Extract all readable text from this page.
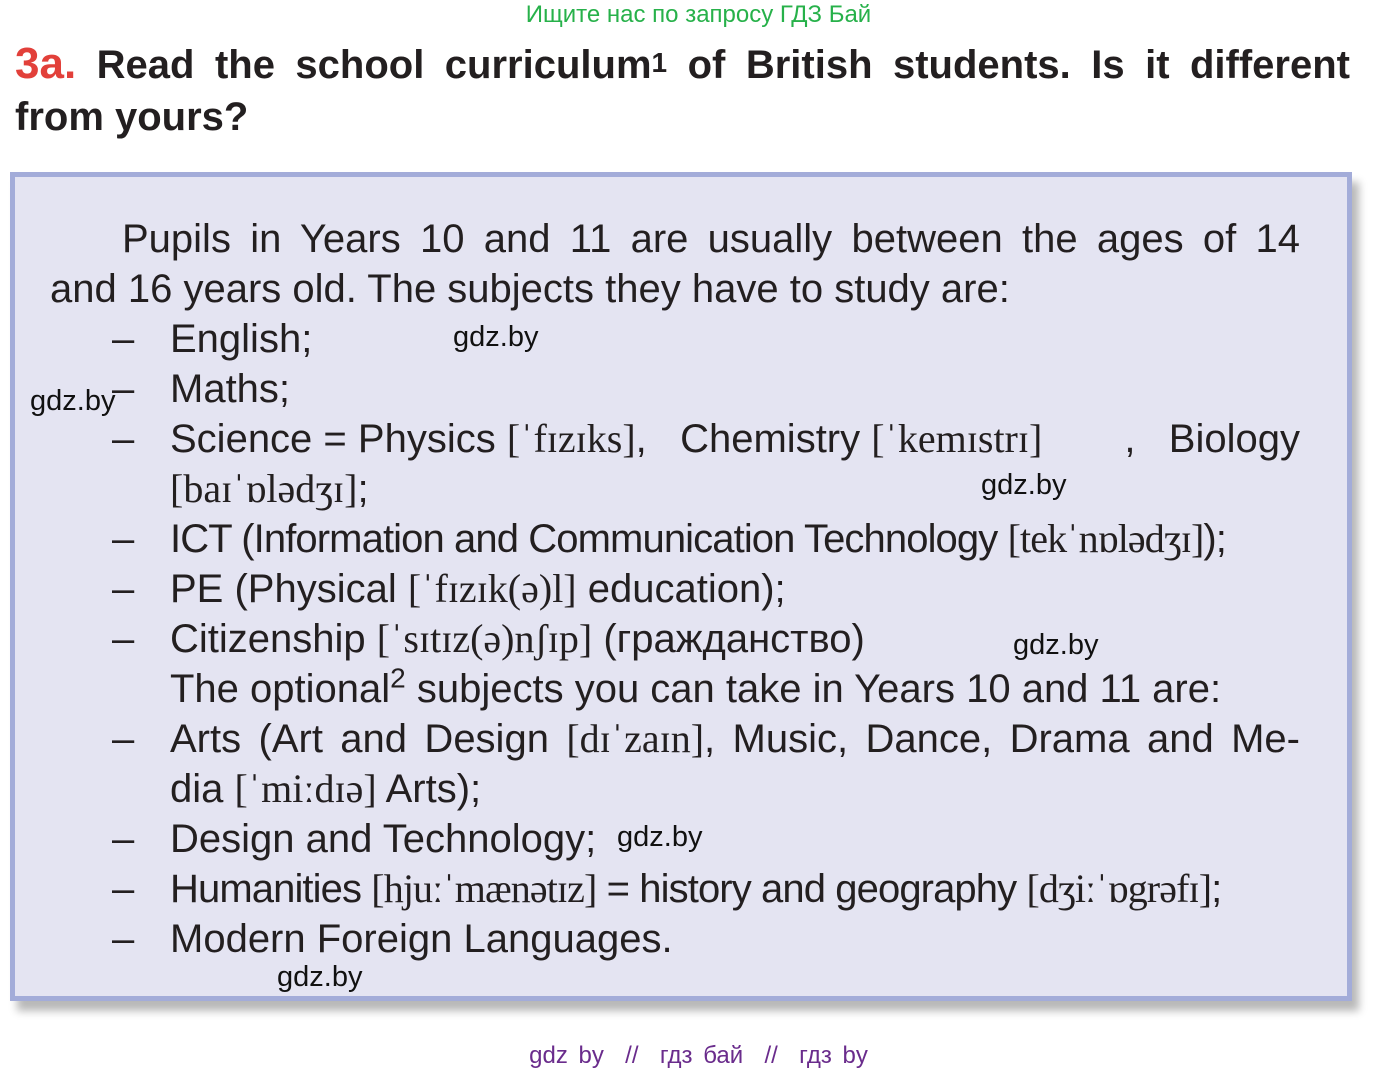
Ищите нас по запросу ГДЗ Бай
3a. Read the school curriculum$^1$ of British students. Is it different from yours?
Pupils in Years 10 and 11 are usually between the ages of 14
and 16 years old. The subjects they have to study are:
– English;
– Maths;
– Science = Physics [ˈfɪzɪks],   Chemistry [ˈkemɪstrɪ] ,   Biology
[baɪˈɒlədʒɪ];
– ICT (Information and Communication Technology [tekˈnɒlədʒɪ]);
– PE (Physical [ˈfɪzɪk(ə)l] education);
– Citizenship [ˈsɪtɪz(ə)nʃɪp] (гражданство)
The optional$^2$ subjects you can take in Years 10 and 11 are:
– Arts (Art and Design [dɪˈzaɪn], Music, Dance, Drama and Me-
dia [ˈmiːdɪə] Arts);
– Design and Technology;
– Humanities [hjuːˈmænətɪz] = history and geography [dʒiːˈɒgrəfɪ];
– Modern Foreign Languages.
gdz.by
gdz.by
gdz.by
gdz.by
gdz.by
gdz.by
gdz by  //  гдз бай  //  гдз by
